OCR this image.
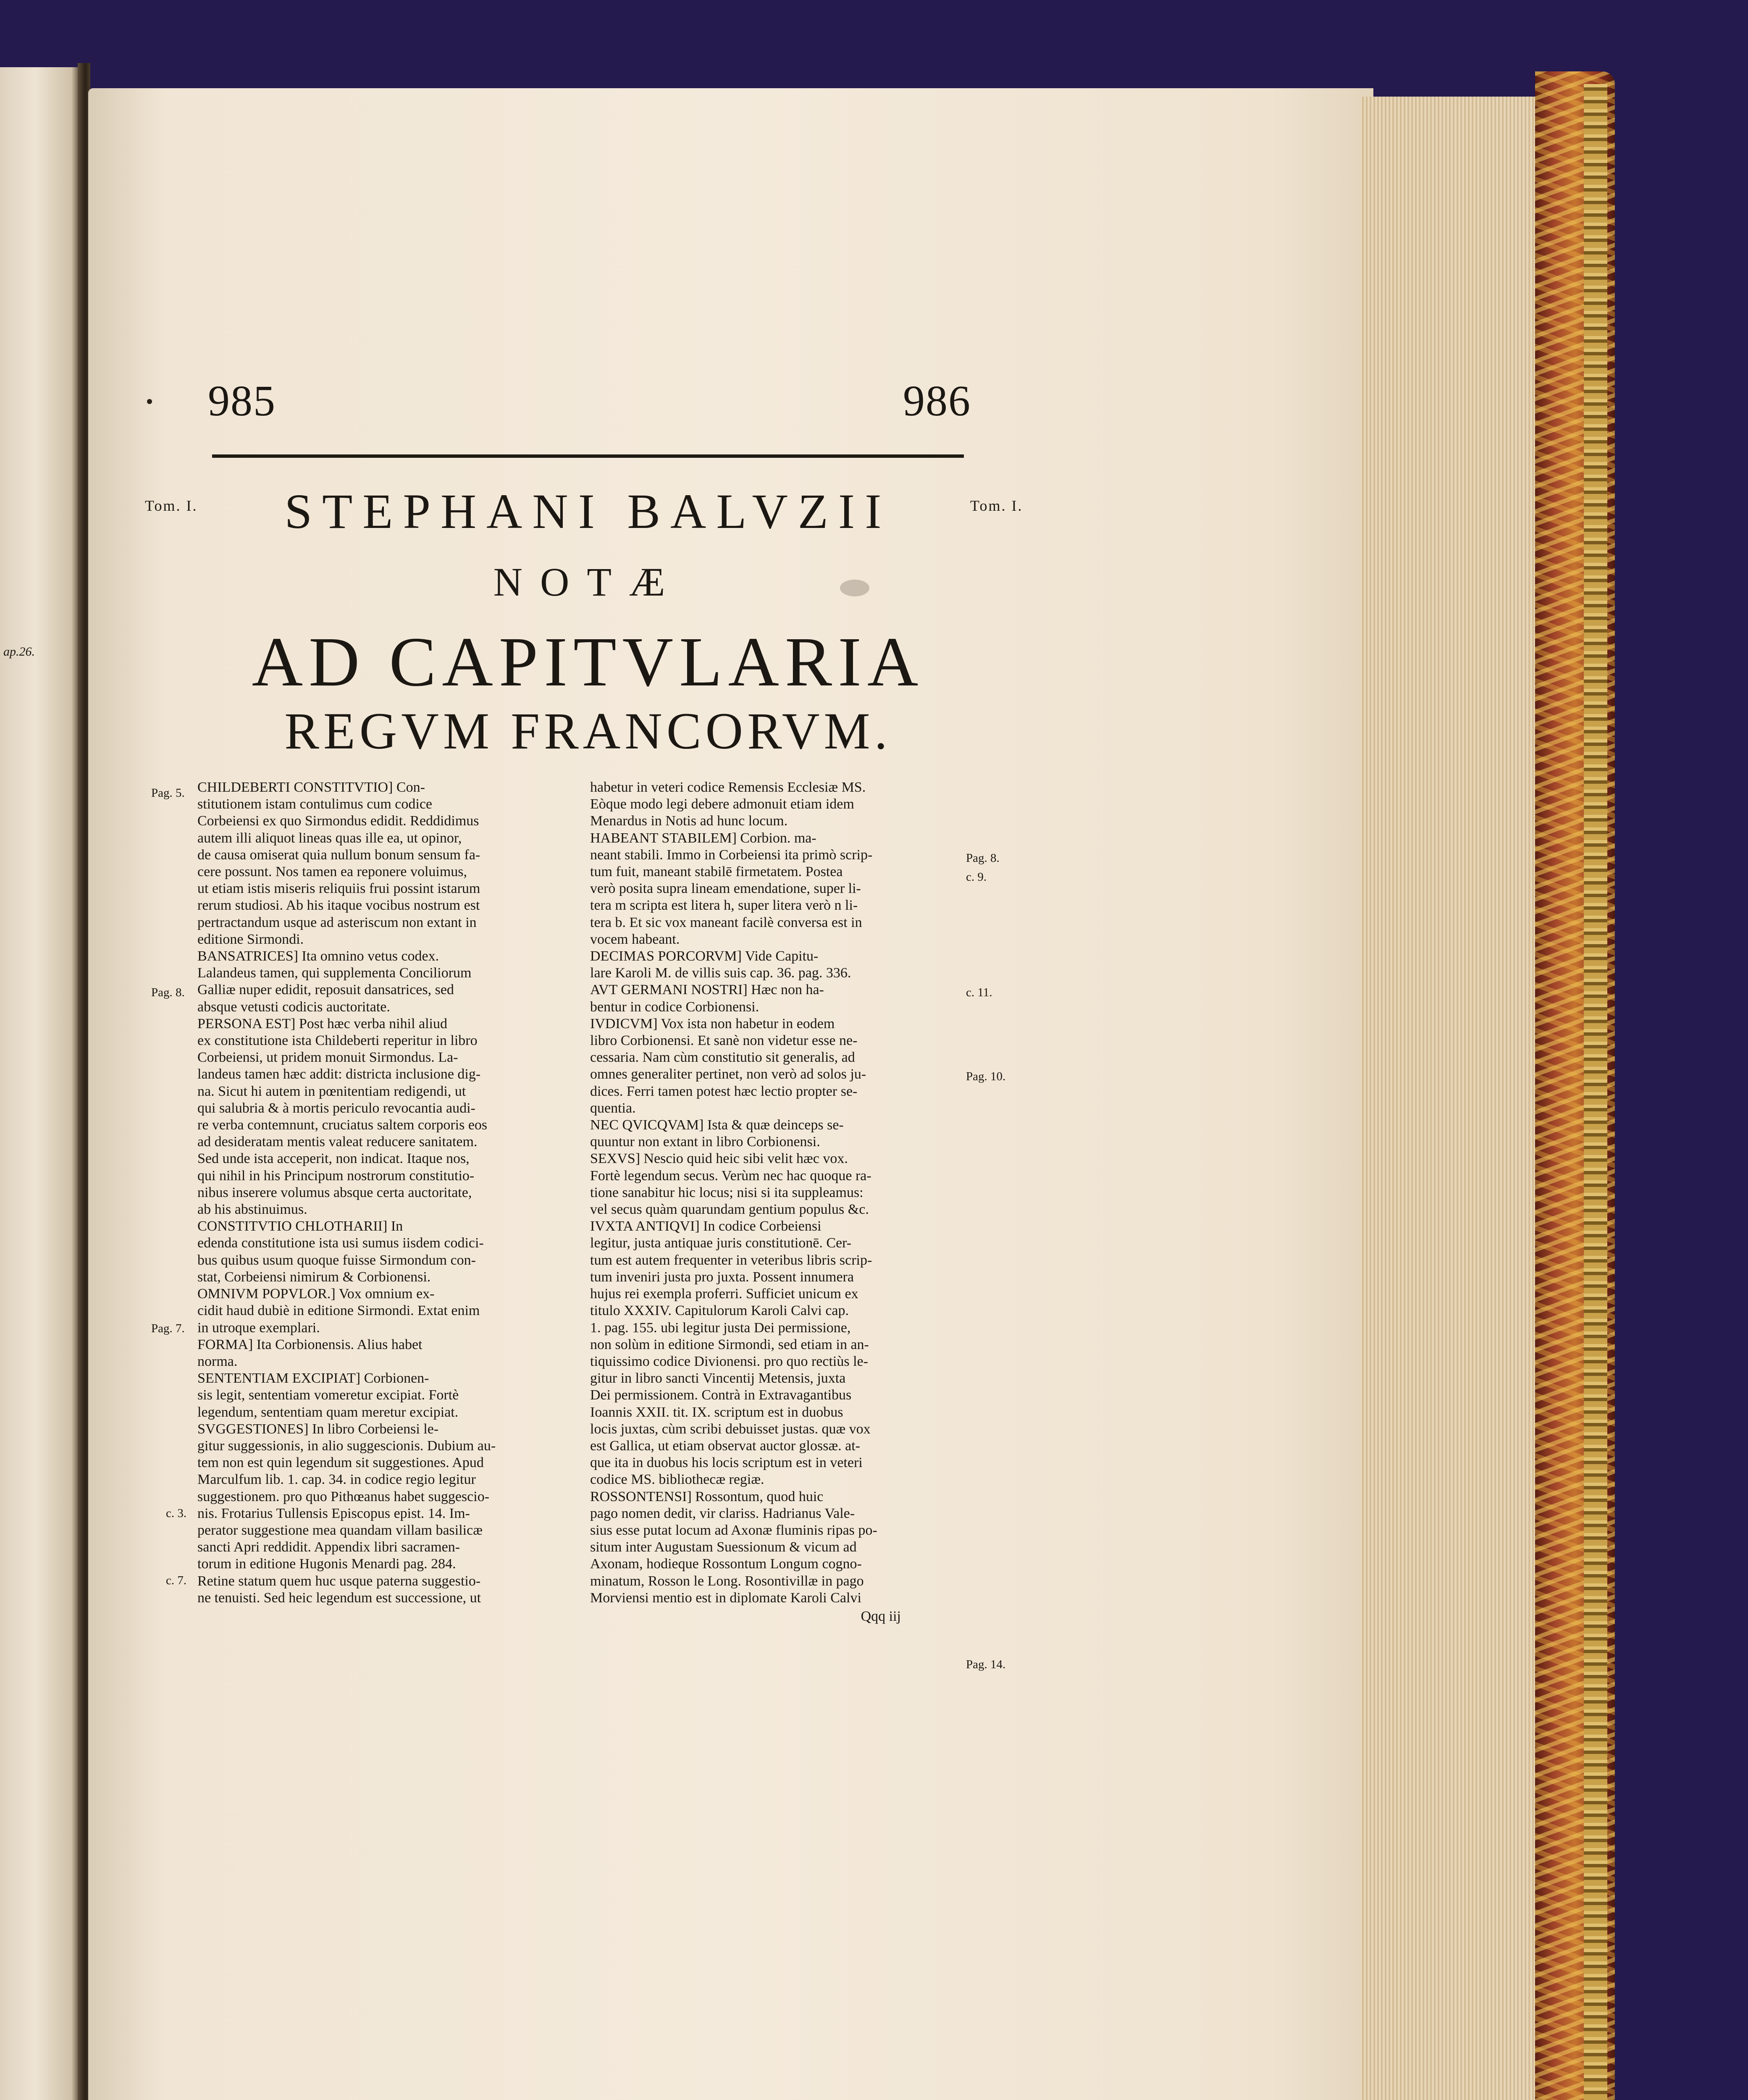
ap.26.
985	986
Tom. I.	Tom. I.
STEPHANI BALVZII
NOTÆ
AD CAPITVLARIA
REGVM FRANCORVM.
Pag. 5.
Pag. 8.
Pag. 7.
c. 3.
c. 7.
Pag. 8.
c. 9.
c. 11.
Pag. 10.
Pag. 14.

CHILDEBERTI CONSTITVTIO] Con-

stitutionem istam contulimus cum codice

Corbeiensi ex quo Sirmondus edidit. Reddidimus

autem illi aliquot lineas quas ille ea, ut opinor,

de causa omiserat quia nullum bonum sensum fa-

cere possunt. Nos tamen ea reponere voluimus,

ut etiam istis miseris reliquiis frui possint istarum

rerum studiosi. Ab his itaque vocibus nostrum est

pertractandum usque ad asteriscum non extant in

editione Sirmondi.

BANSATRICES] Ita omnino vetus codex.

Lalandeus tamen, qui supplementa Conciliorum

Galliæ nuper edidit, reposuit dansatrices, sed

absque vetusti codicis auctoritate.

PERSONA EST] Post hæc verba nihil aliud

ex constitutione ista Childeberti reperitur in libro

Corbeiensi, ut pridem monuit Sirmondus. La-

landeus tamen hæc addit: districta inclusione dig-

na. Sicut hi autem in pœnitentiam redigendi, ut

qui salubria & à mortis periculo revocantia audi-

re verba contemnunt, cruciatus saltem corporis eos

ad desideratam mentis valeat reducere sanitatem.

Sed unde ista acceperit, non indicat. Itaque nos,

qui nihil in his Principum nostrorum constitutio-

nibus inserere volumus absque certa auctoritate,

ab his abstinuimus.

CONSTITVTIO CHLOTHARII] In

edenda constitutione ista usi sumus iisdem codici-

bus quibus usum quoque fuisse Sirmondum con-

stat, Corbeiensi nimirum & Corbionensi.

OMNIVM POPVLOR.] Vox omnium ex-

cidit haud dubiè in editione Sirmondi. Extat enim

in utroque exemplari.

FORMA] Ita Corbionensis. Alius habet

norma.

SENTENTIAM EXCIPIAT] Corbionen-

sis legit, sententiam vomeretur excipiat. Fortè

legendum, sententiam quam meretur excipiat.

SVGGESTIONES] In libro Corbeiensi le-

gitur suggessionis, in alio suggescionis. Dubium au-

tem non est quin legendum sit suggestiones. Apud

Marculfum lib. 1. cap. 34. in codice regio legitur

suggestionem. pro quo Pithœanus habet suggescio-

nis. Frotarius Tullensis Episcopus epist. 14. Im-

perator suggestione mea quandam villam basilicæ

sancti Apri reddidit. Appendix libri sacramen-

torum in editione Hugonis Menardi pag. 284.

Retine statum quem huc usque paterna suggestio-

ne tenuisti. Sed heic legendum est successione, ut

habetur in veteri codice Remensis Ecclesiæ MS.

Eòque modo legi debere admonuit etiam idem

Menardus in Notis ad hunc locum.

HABEANT STABILEM] Corbion. ma-

neant stabili. Immo in Corbeiensi ita primò scrip-

tum fuit, maneant stabilē firmetatem. Postea

verò posita supra lineam emendatione, super li-

tera m scripta est litera h, super litera verò n li-

tera b. Et sic vox maneant facilè conversa est in

vocem habeant.

DECIMAS PORCORVM] Vide Capitu-

lare Karoli M. de villis suis cap. 36. pag. 336.

AVT GERMANI NOSTRI] Hæc non ha-

bentur in codice Corbionensi.

IVDICVM] Vox ista non habetur in eodem

libro Corbionensi. Et sanè non videtur esse ne-

cessaria. Nam cùm constitutio sit generalis, ad

omnes generaliter pertinet, non verò ad solos ju-

dices. Ferri tamen potest hæc lectio propter se-

quentia.

NEC QVICQVAM] Ista & quæ deinceps se-

quuntur non extant in libro Corbionensi.

SEXVS] Nescio quid heic sibi velit hæc vox.

Fortè legendum secus. Verùm nec hac quoque ra-

tione sanabitur hic locus; nisi si ita suppleamus:

vel secus quàm quarundam gentium populus &c.

IVXTA ANTIQVI] In codice Corbeiensi

legitur, justa antiquae juris constitutionē. Cer-

tum est autem frequenter in veteribus libris scrip-

tum inveniri justa pro juxta. Possent innumera

hujus rei exempla proferri. Sufficiet unicum ex

titulo XXXIV. Capitulorum Karoli Calvi cap.

1. pag. 155. ubi legitur justa Dei permissione,

non solùm in editione Sirmondi, sed etiam in an-

tiquissimo codice Divionensi. pro quo rectiùs le-

gitur in libro sancti Vincentij Metensis, juxta

Dei permissionem. Contrà in Extravagantibus

Ioannis XXII. tit. IX. scriptum est in duobus

locis juxtas, cùm scribi debuisset justas. quæ vox

est Gallica, ut etiam observat auctor glossæ. at-

que ita in duobus his locis scriptum est in veteri

codice MS. bibliothecæ regiæ.

ROSSONTENSI] Rossontum, quod huic

pago nomen dedit, vir clariss. Hadrianus Vale-

sius esse putat locum ad Axonæ fluminis ripas po-

situm inter Augustam Suessionum & vicum ad

Axonam, hodieque Rossontum Longum cogno-

minatum, Rosson le Long. Rosontivillæ in pago

Morviensi mentio est in diplomate Karoli Calvi

Qqq iij
